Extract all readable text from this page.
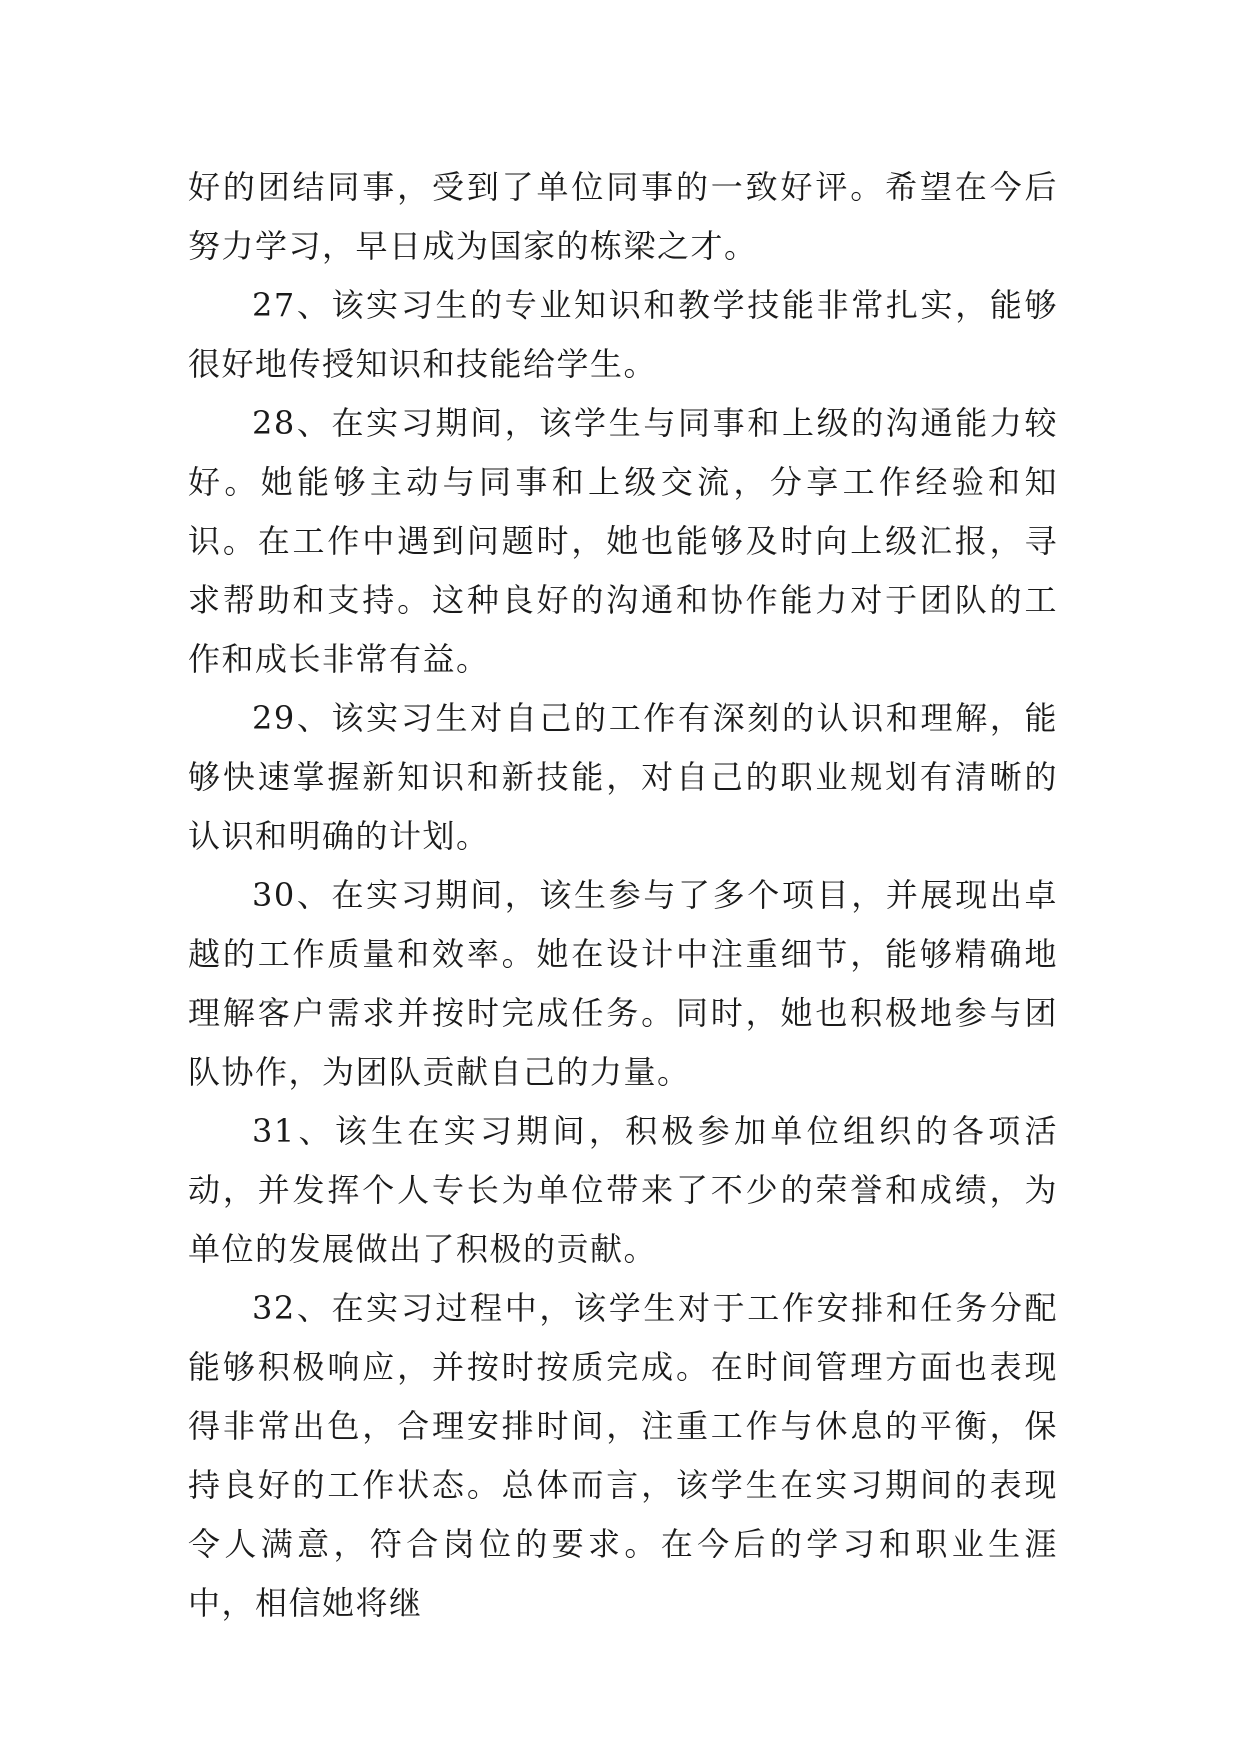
好的团结同事，受到了单位同事的一致好评。希望在今后努力学习，早日成为国家的栋梁之才。

27、该实习生的专业知识和教学技能非常扎实，能够很好地传授知识和技能给学生。

28、在实习期间，该学生与同事和上级的沟通能力较好。她能够主动与同事和上级交流，分享工作经验和知识。在工作中遇到问题时，她也能够及时向上级汇报，寻求帮助和支持。这种良好的沟通和协作能力对于团队的工作和成长非常有益。

29、该实习生对自己的工作有深刻的认识和理解，能够快速掌握新知识和新技能，对自己的职业规划有清晰的认识和明确的计划。

30、在实习期间，该生参与了多个项目，并展现出卓越的工作质量和效率。她在设计中注重细节，能够精确地理解客户需求并按时完成任务。同时，她也积极地参与团队协作，为团队贡献自己的力量。

31、该生在实习期间，积极参加单位组织的各项活动，并发挥个人专长为单位带来了不少的荣誉和成绩，为单位的发展做出了积极的贡献。

32、在实习过程中，该学生对于工作安排和任务分配能够积极响应，并按时按质完成。在时间管理方面也表现得非常出色，合理安排时间，注重工作与休息的平衡，保持良好的工作状态。总体而言，该学生在实习期间的表现令人满意，符合岗位的要求。在今后的学习和职业生涯中，相信她将继
